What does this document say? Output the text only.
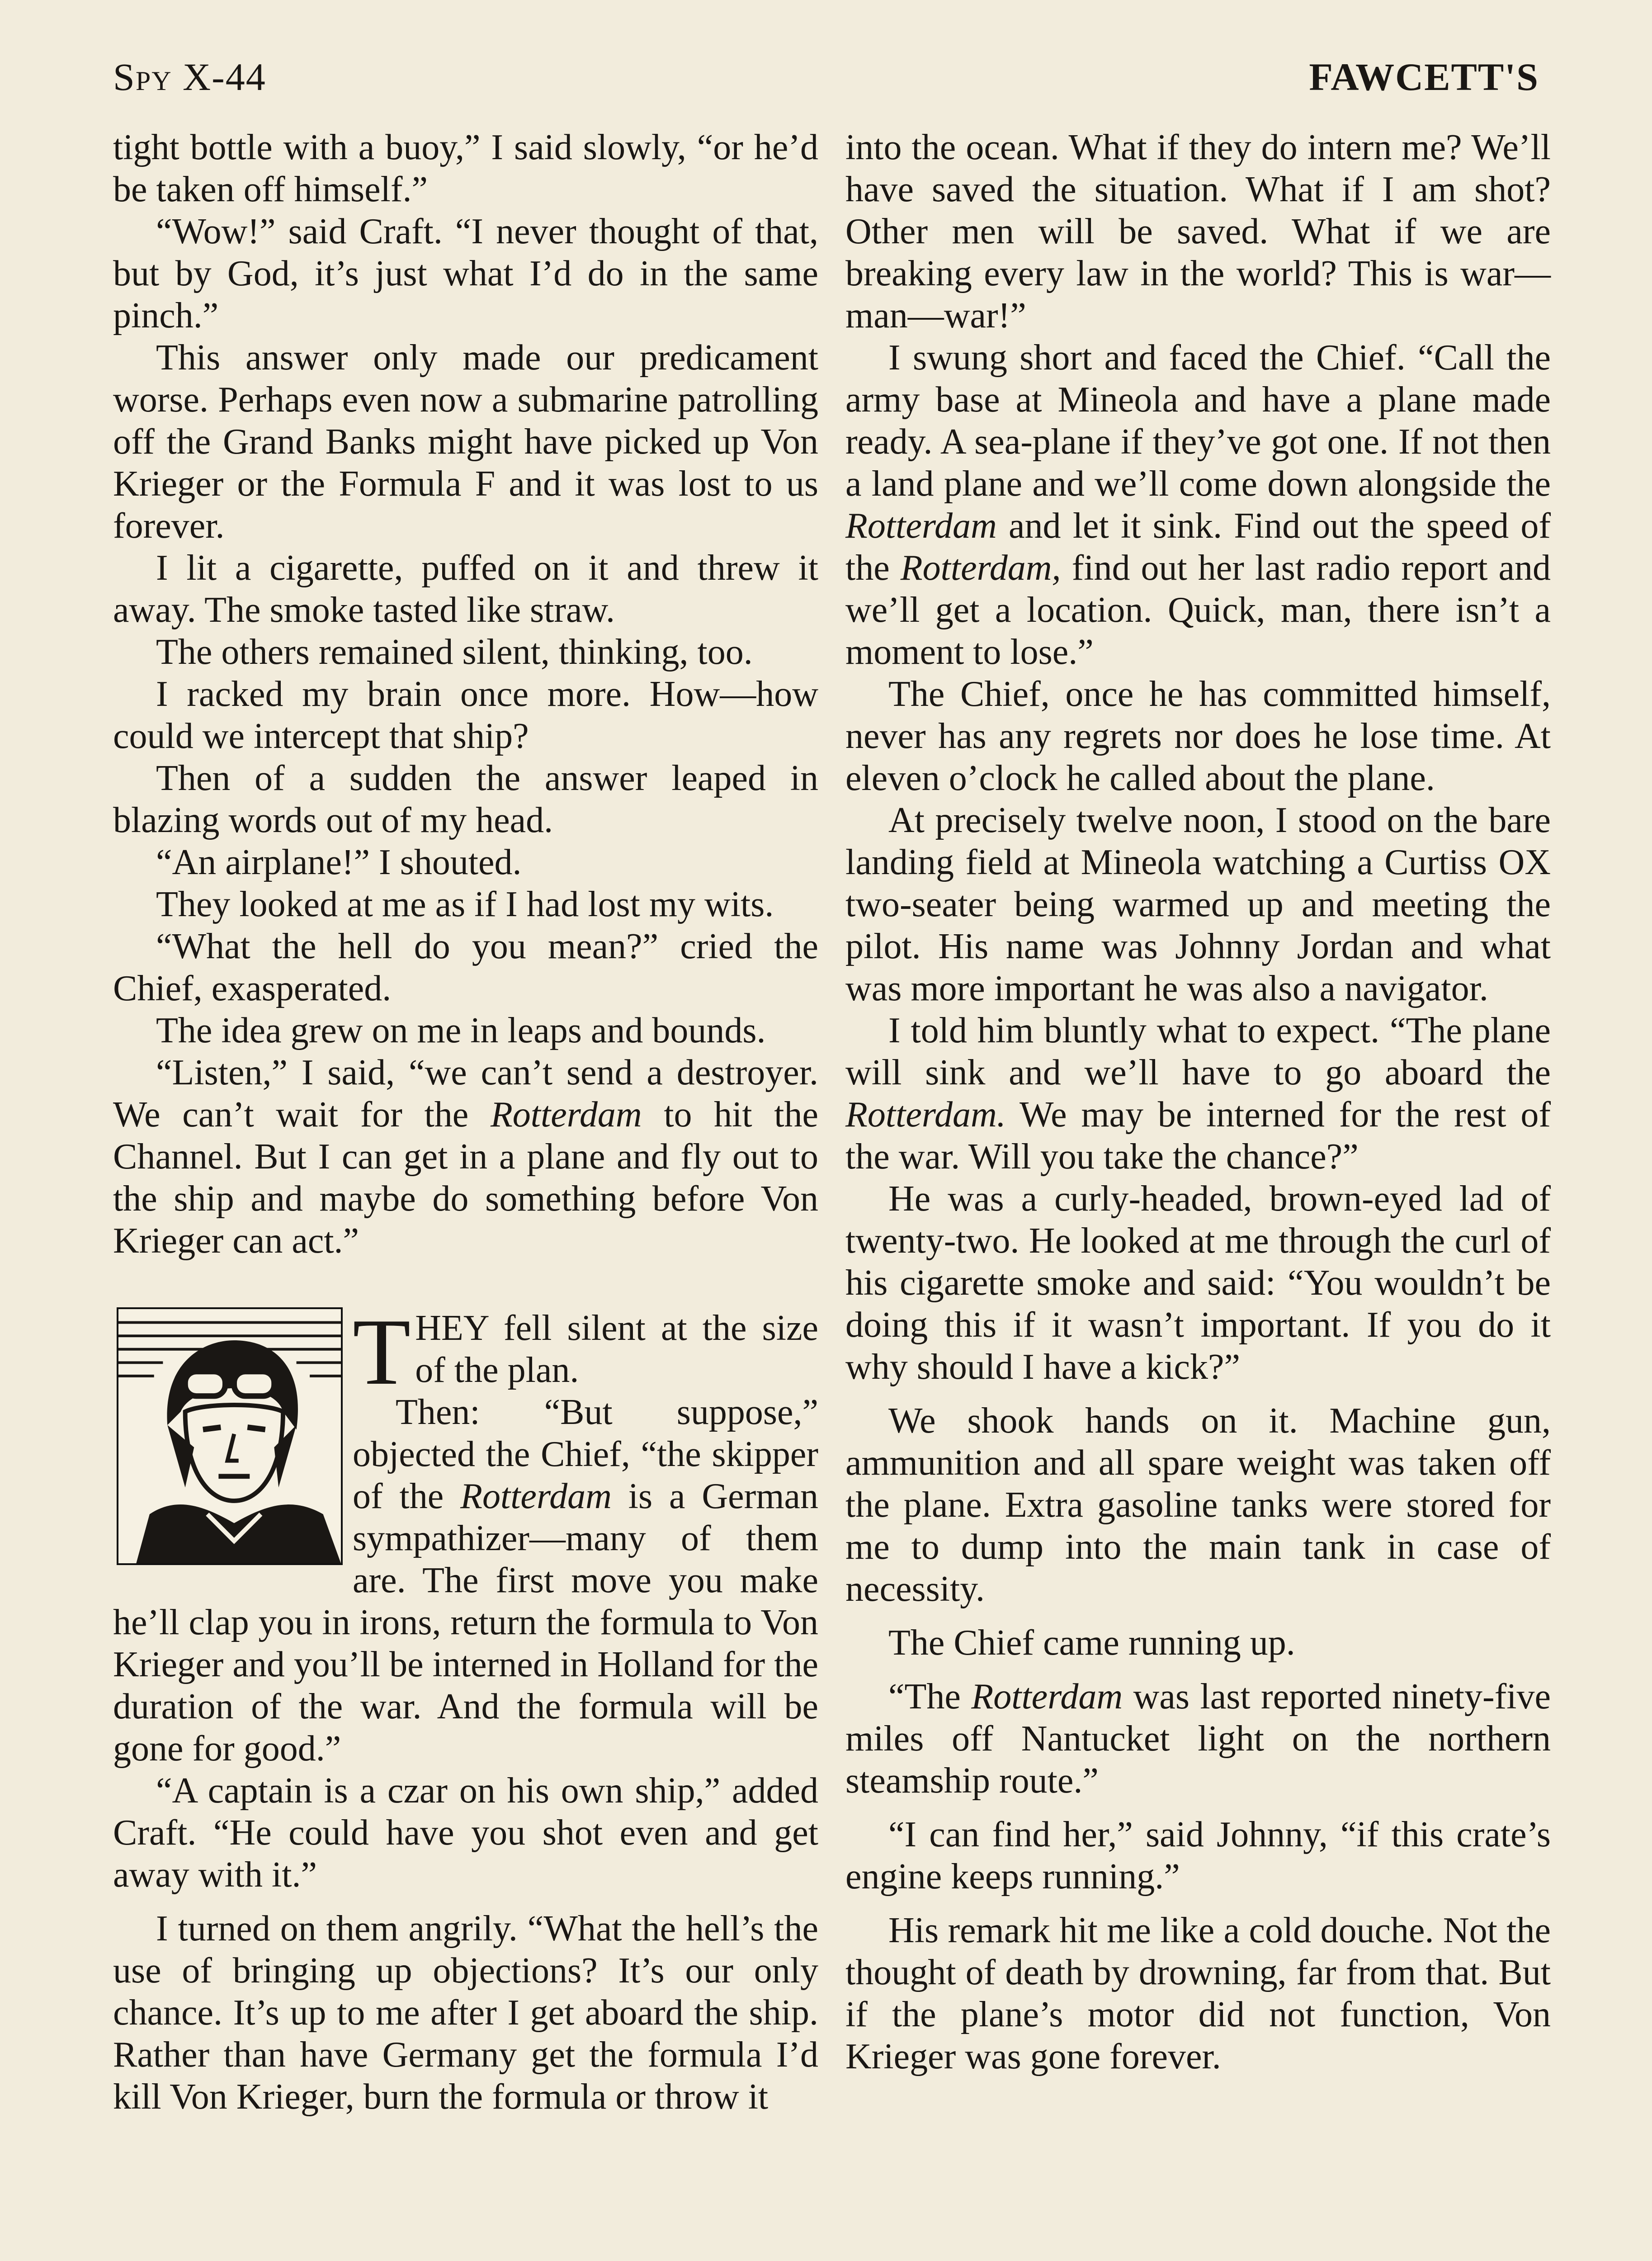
Spy X-44	FAWCETT'S

tight bottle with a buoy,” I said slowly, “or he’d be taken off himself.”

“Wow!” said Craft. “I never thought of that, but by God, it’s just what I’d do in the same pinch.”

This answer only made our predicament worse. Perhaps even now a submarine patrolling off the Grand Banks might have picked up Von Krieger or the Formula F and it was lost to us forever.

I lit a cigarette, puffed on it and threw it away. The smoke tasted like straw.

The others remained silent, thinking, too.

I racked my brain once more. How—how could we intercept that ship?

Then of a sudden the answer leaped in blazing words out of my head.

“An airplane!” I shouted.

They looked at me as if I had lost my wits.

“What the hell do you mean?” cried the Chief, exasperated.

The idea grew on me in leaps and bounds.

“Listen,” I said, “we can’t send a destroyer. We can’t wait for the Rotterdam to hit the Channel. But I can get in a plane and fly out to the ship and maybe do something before Von Krieger can act.”

T HEY fell silent at the size of the plan.

Then: “But suppose,” objected the Chief, “the skipper of the Rotterdam is a German sympathizer—many of them are. The first move you make he’ll clap you in irons, return the formula to Von Krieger and you’ll be interned in Holland for the duration of the war. And the formula will be gone for good.”

“A captain is a czar on his own ship,” added Craft. “He could have you shot even and get away with it.”

I turned on them angrily. “What the hell’s the use of bringing up objections? It’s our only chance. It’s up to me after I get aboard the ship. Rather than have Germany get the formula I’d kill Von Krieger, burn the formula or throw it

into the ocean. What if they do intern me? We’ll have saved the situation. What if I am shot? Other men will be saved. What if we are breaking every law in the world? This is war—man—war!”

I swung short and faced the Chief. “Call the army base at Mineola and have a plane made ready. A sea-plane if they’ve got one. If not then a land plane and we’ll come down alongside the Rotterdam and let it sink. Find out the speed of the Rotterdam, find out her last radio report and we’ll get a location. Quick, man, there isn’t a moment to lose.”

The Chief, once he has committed himself, never has any regrets nor does he lose time. At eleven o’clock he called about the plane.

At precisely twelve noon, I stood on the bare landing field at Mineola watching a Curtiss OX two-seater being warmed up and meeting the pilot. His name was Johnny Jordan and what was more important he was also a navigator.

I told him bluntly what to expect. “The plane will sink and we’ll have to go aboard the Rotterdam. We may be interned for the rest of the war. Will you take the chance?”

He was a curly-headed, brown-eyed lad of twenty-two. He looked at me through the curl of his cigarette smoke and said: “You wouldn’t be doing this if it wasn’t important. If you do it why should I have a kick?”

We shook hands on it. Machine gun, ammunition and all spare weight was taken off the plane. Extra gasoline tanks were stored for me to dump into the main tank in case of necessity.

The Chief came running up.

“The Rotterdam was last reported ninety-five miles off Nantucket light on the northern steamship route.”

“I can find her,” said Johnny, “if this crate’s engine keeps running.”

His remark hit me like a cold douche. Not the thought of death by drowning, far from that. But if the plane’s motor did not function, Von Krieger was gone forever.
